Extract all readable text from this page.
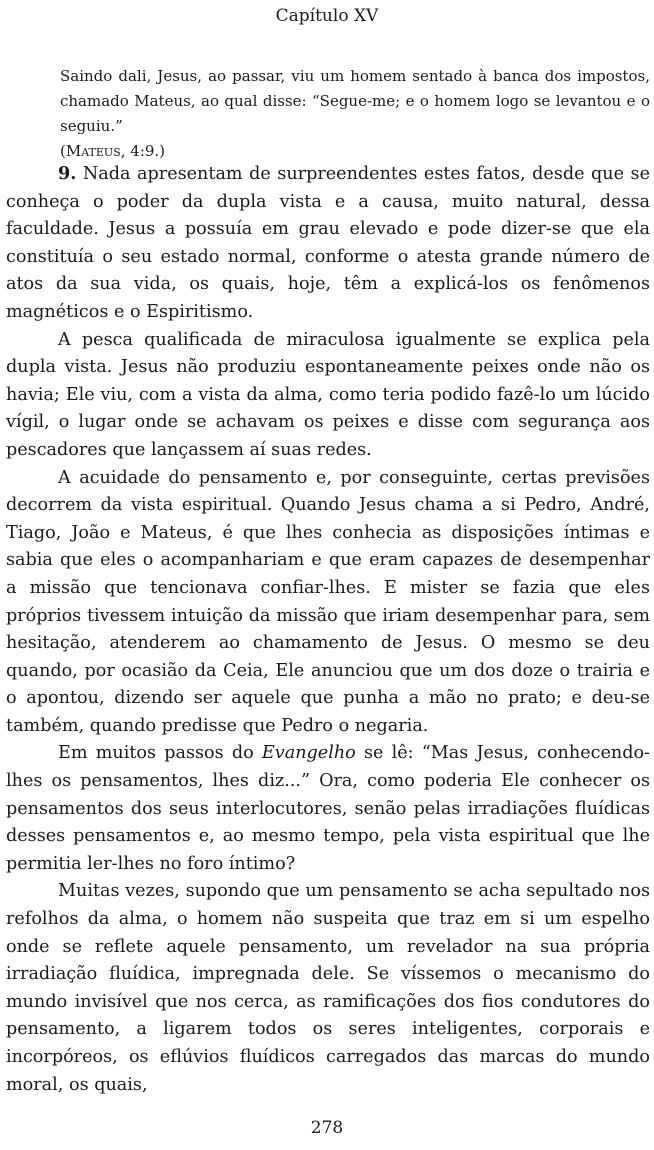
Capítulo XV

Saindo dali, Jesus, ao passar, viu um homem sentado à banca dos impostos, chamado Mateus, ao qual disse: “Segue-me; e o homem logo se levantou e o seguiu.”
(Mateus, 4:9.)

9. Nada apresentam de surpreendentes estes fatos, desde que se conheça o poder da dupla vista e a causa, muito natural, dessa faculdade. Jesus a possuía em grau elevado e pode dizer-se que ela constituía o seu estado normal, conforme o atesta grande número de atos da sua vida, os quais, hoje, têm a explicá-los os fenômenos magnéticos e o Espiritismo.

A pesca qualificada de miraculosa igualmente se explica pela dupla vista. Jesus não produziu espontaneamente peixes onde não os havia; Ele viu, com a vista da alma, como teria podido fazê-lo um lúcido vígil, o lugar onde se achavam os peixes e disse com segurança aos pescadores que lançassem aí suas redes.

A acuidade do pensamento e, por conseguinte, certas previsões decorrem da vista espiritual. Quando Jesus chama a si Pedro, André, Tiago, João e Mateus, é que lhes conhecia as disposições íntimas e sabia que eles o acompanhariam e que eram capazes de desempenhar a missão que tencionava confiar-lhes. E mister se fazia que eles próprios tivessem intuição da missão que iriam desempenhar para, sem hesitação, atenderem ao chamamento de Jesus. O mesmo se deu quando, por ocasião da Ceia, Ele anunciou que um dos doze o trairia e o apontou, dizendo ser aquele que punha a mão no prato; e deu-se também, quando predisse que Pedro o negaria.

Em muitos passos do Evangelho se lê: “Mas Jesus, conhecendo-lhes os pensamentos, lhes diz...” Ora, como poderia Ele conhecer os pensamentos dos seus interlocutores, senão pelas irradiações fluídicas desses pensamentos e, ao mesmo tempo, pela vista espiritual que lhe permitia ler-lhes no foro íntimo?

Muitas vezes, supondo que um pensamento se acha sepultado nos refolhos da alma, o homem não suspeita que traz em si um espelho onde se reflete aquele pensamento, um revelador na sua própria irradiação fluídica, impregnada dele. Se víssemos o mecanismo do mundo invisível que nos cerca, as ramificações dos fios condutores do pensamento, a ligarem todos os seres inteligentes, corporais e incorpóreos, os eflúvios fluídicos carregados das marcas do mundo moral, os quais,

278
